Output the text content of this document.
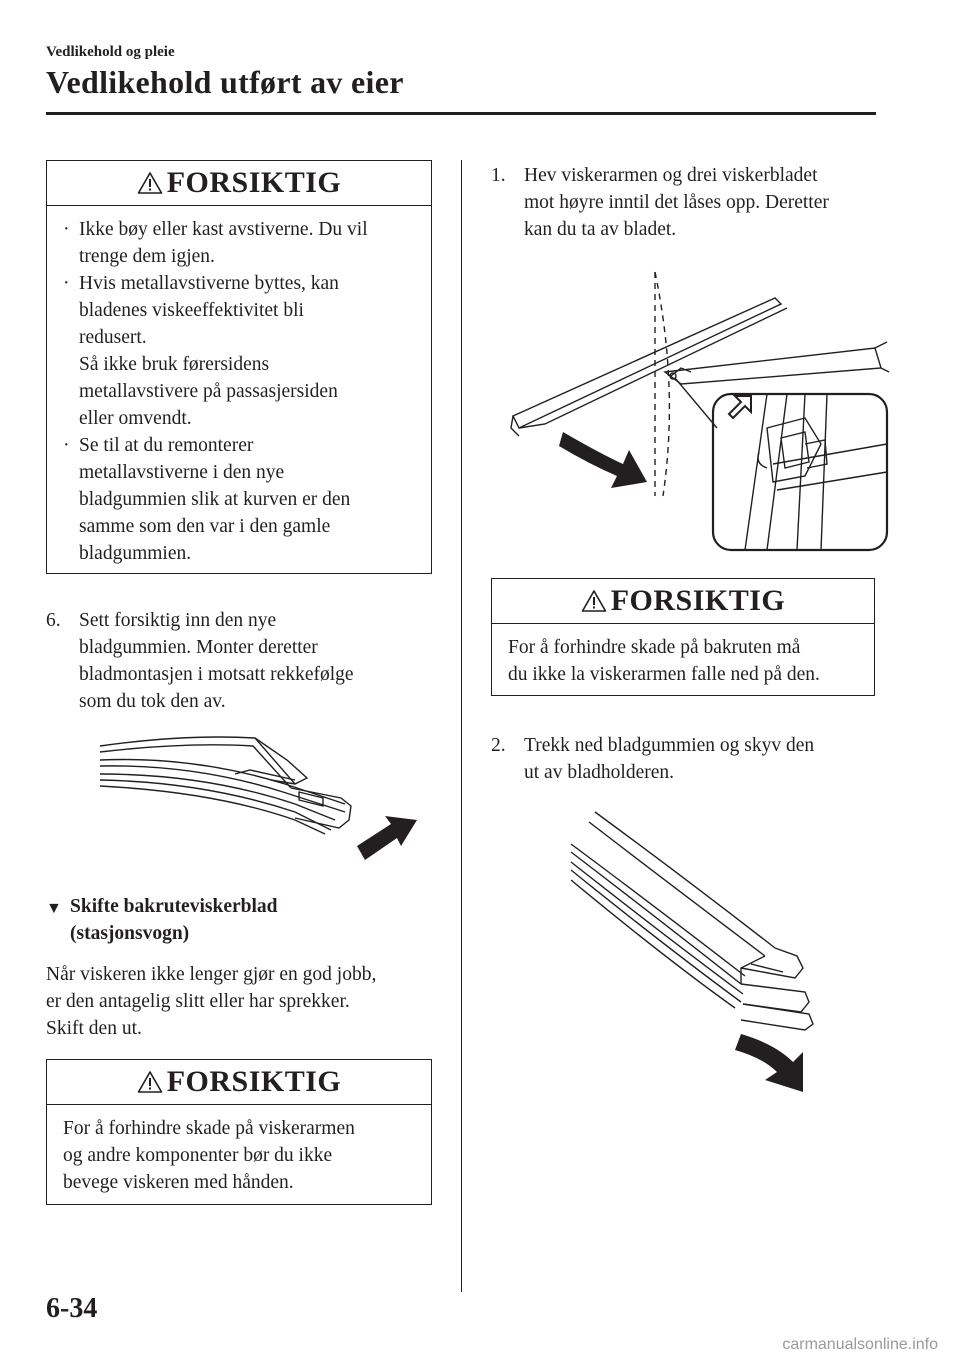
Vedlikehold og pleie
Vedlikehold utført av eier
FORSIKTIG
· Ikke bøy eller kast avstiverne. Du vil
trenge dem igjen.
· Hvis metallavstiverne byttes, kan
bladenes viskeeffektivitet bli
redusert.
Så ikke bruk førersidens
metallavstivere på passasjersiden
eller omvendt.
· Se til at du remonterer
metallavstiverne i den nye
bladgummien slik at kurven er den
samme som den var i den gamle
bladgummien.
6. Sett forsiktig inn den nye
bladgummien. Monter deretter
bladmontasjen i motsatt rekkefølge
som du tok den av.
▼ Skifte bakruteviskerblad
(stasjonsvogn)
Når viskeren ikke lenger gjør en god jobb,
er den antagelig slitt eller har sprekker.
Skift den ut.
FORSIKTIG
For å forhindre skade på viskerarmen
og andre komponenter bør du ikke
bevege viskeren med hånden.
1. Hev viskerarmen og drei viskerbladet
mot høyre inntil det låses opp. Deretter
kan du ta av bladet.
FORSIKTIG
For å forhindre skade på bakruten må
du ikke la viskerarmen falle ned på den.
2. Trekk ned bladgummien og skyv den
ut av bladholderen.
6-34
carmanualsonline.info
